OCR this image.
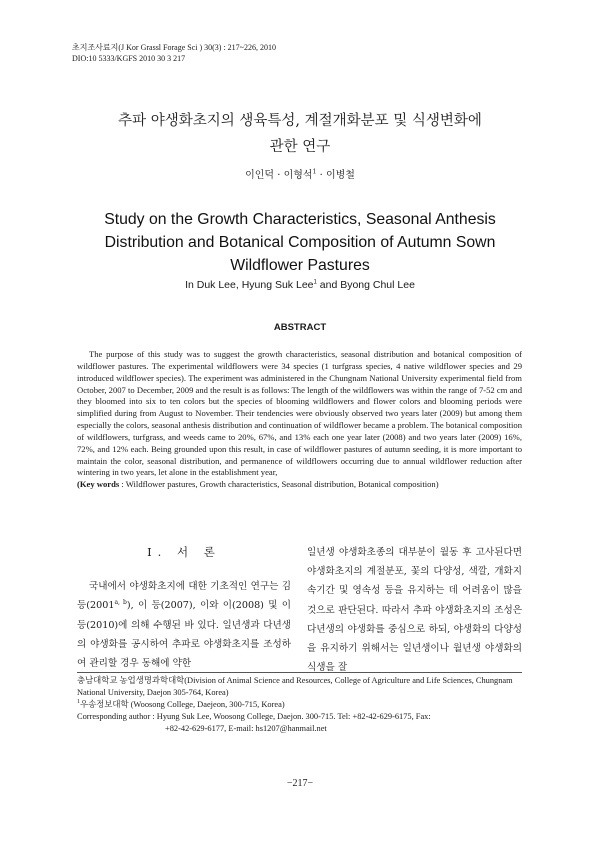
초지조사료지(J Kor Grassl Forage Sci ) 30(3) : 217~226, 2010
DIO:10 5333/KGFS 2010 30 3 217
추파 야생화초지의 생육특성, 계절개화분포 및 식생변화에
관한 연구
이인덕 · 이형석$^1$ · 이병철
Study on the Growth Characteristics, Seasonal Anthesis
Distribution and Botanical Composition of Autumn Sown
Wildflower Pastures
In Duk Lee, Hyung Suk Lee$^1$ and Byong Chul Lee
ABSTRACT
The purpose of this study was to suggest the growth characteristics, seasonal distribution and botanical composition of wildflower pastures. The experimental wildflowers were 34 species (1 turfgrass species, 4 native wildflower species and 29 introduced wildflower species). The experiment was administered in the Chungnam National University experimental field from October, 2007 to December, 2009 and the result is as follows: The length of the wildflowers was within the range of 7-52 cm and they bloomed into six to ten colors but the species of blooming wildflowers and flower colors and blooming periods were simplified during from August to November. Their tendencies were obviously observed two years later (2009) but among them especially the colors, seasonal anthesis distribution and continuation of wildflower became a problem. The botanical composition of wildflowers, turfgrass, and weeds came to 20%, 67%, and 13% each one year later (2008) and two years later (2009) 16%, 72%, and 12% each. Being grounded upon this result, in case of wildflower pastures of autumn seeding, it is more important to maintain the color, seasonal distribution, and permanence of wildflowers occurring due to annual wildflower reduction after wintering in two years, let alone in the establishment year,
(Key words : Wildflower pastures, Growth characteristics, Seasonal distribution, Botanical composition)
Ⅰ. 서 론
국내에서 야생화초지에 대한 기초적인 연구는 김 등(2001$^{a, b}$), 이 등(2007), 이와 이(2008) 및 이 등(2010)에 의해 수행된 바 있다. 일년생과 다년생의 야생화를 공시하여 추파로 야생화초지를 조성하여 관리할 경우 동해에 약한
일년생 야생화초종의 대부분이 월동 후 고사된다면 야생화초지의 계절분포, 꽃의 다양성, 색깔, 개화지속기간 및 영속성 등을 유지하는 데 어려움이 많을 것으로 판단된다. 따라서 추파 야생화초지의 조성은 다년생의 야생화를 중심으로 하되, 야생화의 다양성을 유지하기 위해서는 일년생이나 월년생 야생화의 식생을 잘
충남대학교 농업생명과학대학(Division of Animal Science and Resources, College of Agriculture and Life Sciences, Chungnam National University, Daejon 305-764, Korea)
$^1$우송정보대학 (Woosong College, Daejeon, 300-715, Korea)
Corresponding author : Hyung Suk Lee, Woosong College, Daejon. 300-715. Tel: +82-42-629-6175, Fax:
+82-42-629-6177, E-mail: hs1207@hanmail.net
−217−
